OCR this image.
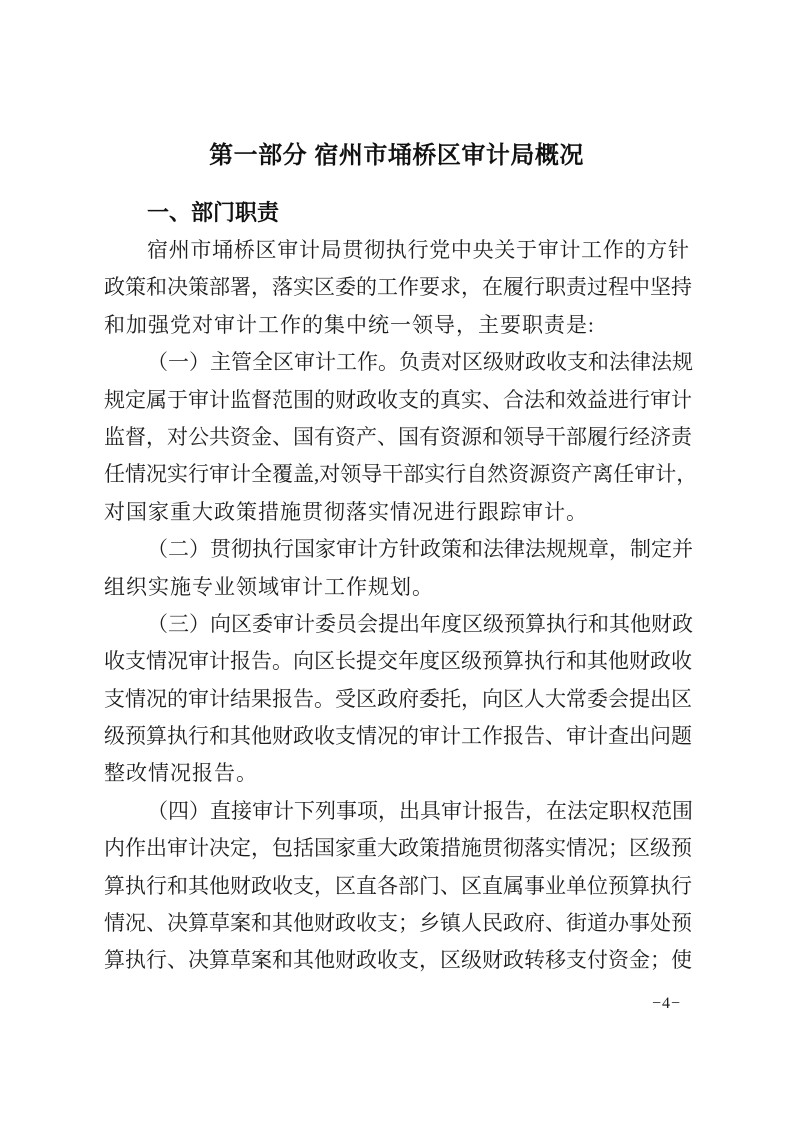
第一部分 宿州市埇桥区审计局概况
一、部门职责
宿州市埇桥区审计局贯彻执行党中央关于审计工作的方针
政策和决策部署，落实区委的工作要求，在履行职责过程中坚持
和加强党对审计工作的集中统一领导，主要职责是:
（一）主管全区审计工作。负责对区级财政收支和法律法规
规定属于审计监督范围的财政收支的真实、合法和效益进行审计
监督，对公共资金、国有资产、国有资源和领导干部履行经济责
任情况实行审计全覆盖,对领导干部实行自然资源资产离任审计，
对国家重大政策措施贯彻落实情况进行跟踪审计。
（二）贯彻执行国家审计方针政策和法律法规规章，制定并
组织实施专业领域审计工作规划。
（三）向区委审计委员会提出年度区级预算执行和其他财政
收支情况审计报告。向区长提交年度区级预算执行和其他财政收
支情况的审计结果报告。受区政府委托，向区人大常委会提出区
级预算执行和其他财政收支情况的审计工作报告、审计查出问题
整改情况报告。
（四）直接审计下列事项，出具审计报告，在法定职权范围
内作出审计决定，包括国家重大政策措施贯彻落实情况；区级预
算执行和其他财政收支，区直各部门、区直属事业单位预算执行
情况、决算草案和其他财政收支；乡镇人民政府、街道办事处预
算执行、决算草案和其他财政收支，区级财政转移支付资金；使
−4−
